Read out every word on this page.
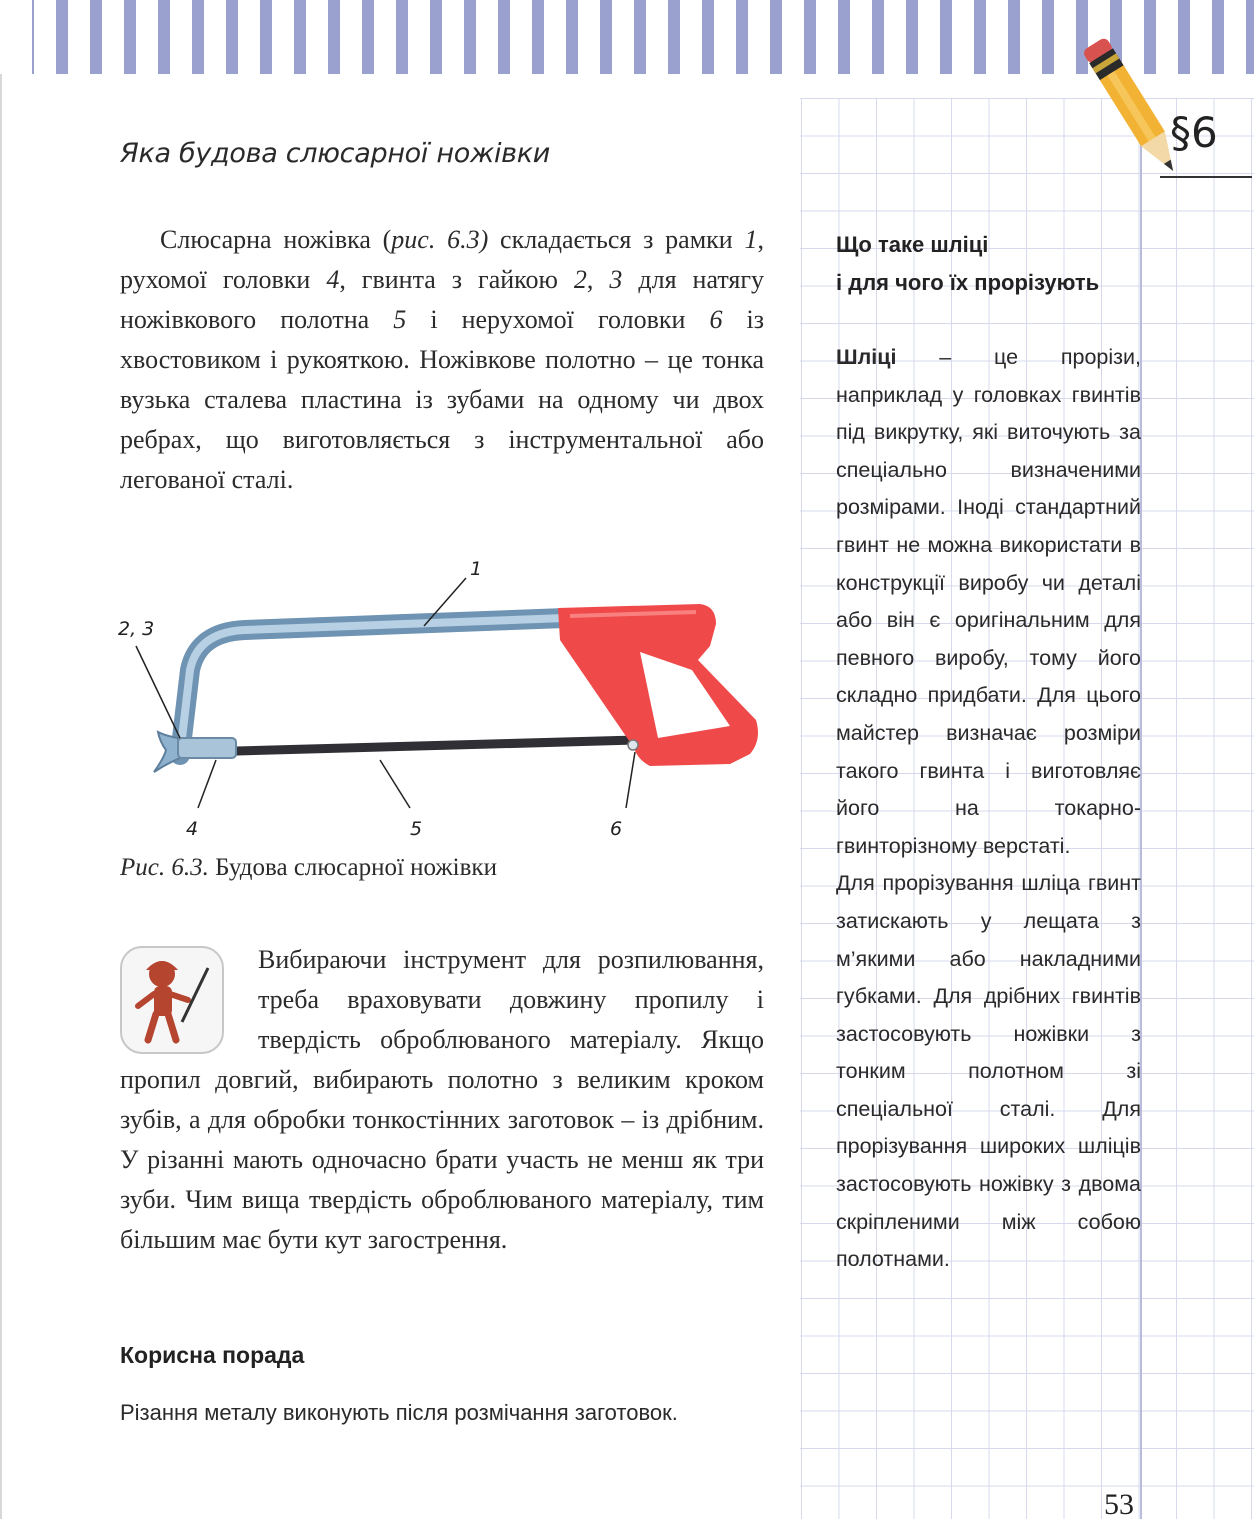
§6
Яка будова слюсарної ножівки

Слюсарна ножівка (рис. 6.3) складається з рамки 1, рухомої головки 4, гвинта з гайкою 2, 3 для натягу ножівкового полотна 5 і нерухомої головки 6 із хвостовиком і рукояткою. Ножівкове полотно – це тонка вузька сталева пластина із зубами на одному чи двох ребрах, що виготовляється з інструментальної або легованої сталі.

1
2, 3
4	5	6

Рис. 6.3. Будова слюсарної ножівки

Вибираючи інструмент для розпилювання, треба враховувати довжину пропилу і твердість оброблюваного матеріалу. Якщо пропил довгий, вибирають полотно з великим кроком зубів, а для обробки тонкостінних заготовок – із дрібним. У різанні мають одночасно брати участь не менш як три зуби. Чим вища твердість оброблюваного матеріалу, тим більшим має бути кут загострення.

Корисна порада

Різання металу виконують після розмічання заготовок.

Що таке шліці
і для чого їх прорізують

Шліці – це прорізи, наприклад у головках гвинтів під викрутку, які виточують за спеціально визначеними розмірами. Іноді стандартний гвинт не можна використати в конструкції виробу чи деталі або він є оригінальним для певного виробу, тому його складно придбати. Для цього майстер визначає розміри такого гвинта і виготовляє його на токарно-гвинторізному верстаті.
Для прорізування шліца гвинт затискають у лещата з м’якими або накладними губками. Для дрібних гвинтів застосовують ножівки з тонким полотном зі спеціальної сталі. Для прорізування широких шліців застосовують ножівку з двома скріпленими між собою полотнами.

53
